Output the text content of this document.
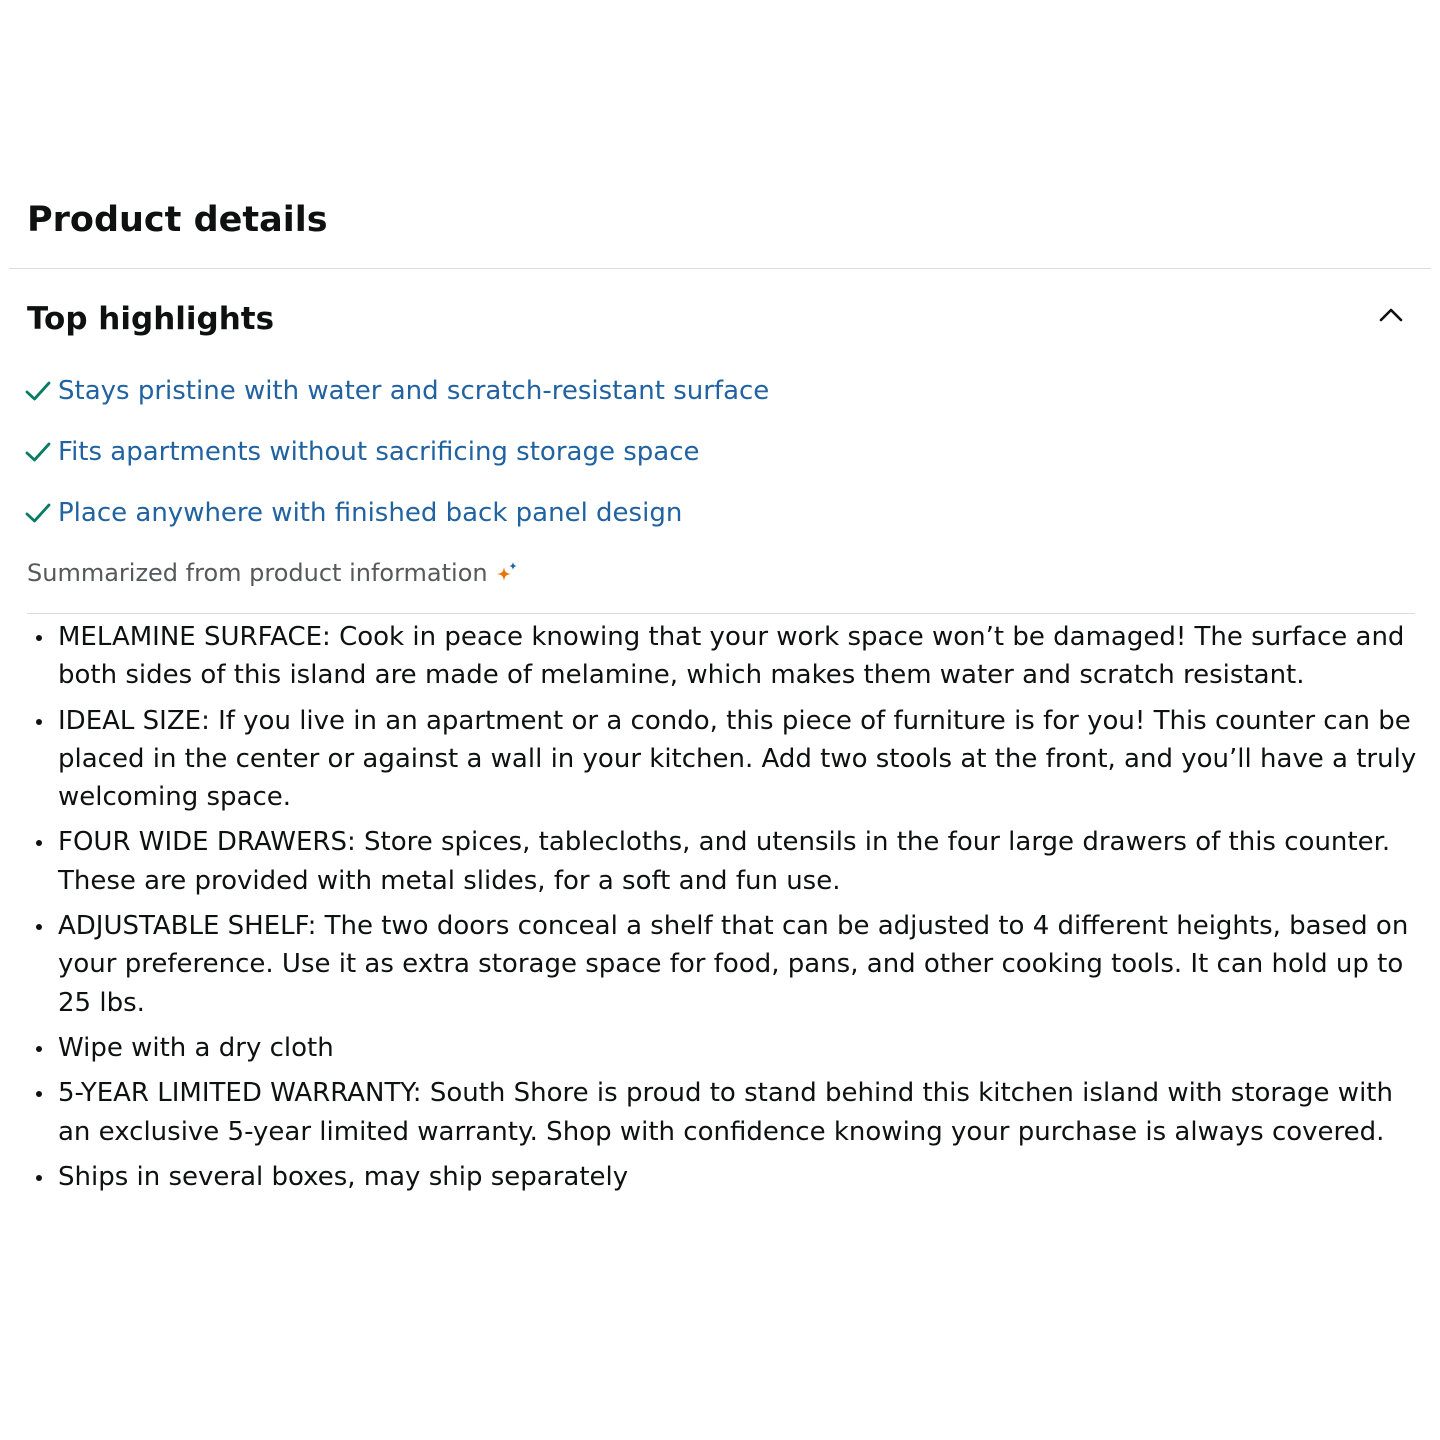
Product details
Top highlights
Stays pristine with water and scratch-resistant surface
Fits apartments without sacrificing storage space
Place anywhere with finished back panel design
Summarized from product information
MELAMINE SURFACE: Cook in peace knowing that your work space won’t be damaged! The surface and both sides of this island are made of melamine, which makes them water and scratch resistant.
IDEAL SIZE: If you live in an apartment or a condo, this piece of furniture is for you! This counter can be placed in the center or against a wall in your kitchen. Add two stools at the front, and you’ll have a truly welcoming space.
FOUR WIDE DRAWERS: Store spices, tablecloths, and utensils in the four large drawers of this counter. These are provided with metal slides, for a soft and fun use.
ADJUSTABLE SHELF: The two doors conceal a shelf that can be adjusted to 4 different heights, based on your preference. Use it as extra storage space for food, pans, and other cooking tools. It can hold up to 25 lbs.
Wipe with a dry cloth
5-YEAR LIMITED WARRANTY: South Shore is proud to stand behind this kitchen island with storage with an exclusive 5-year limited warranty. Shop with confidence knowing your purchase is always covered.
Ships in several boxes, may ship separately
